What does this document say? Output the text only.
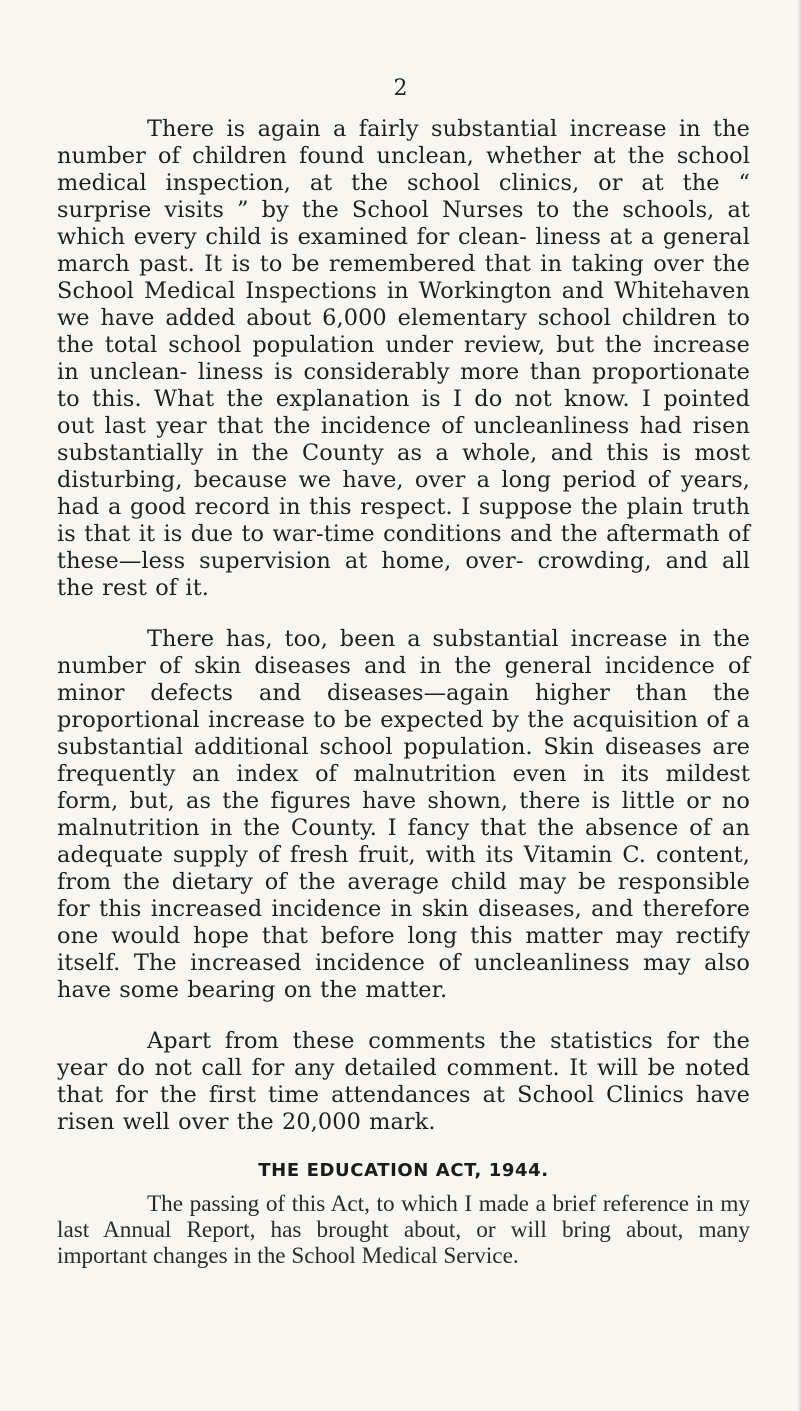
2

There is again a fairly substantial increase in the number of children found unclean, whether at the school medical inspection, at the school clinics, or at the “ surprise visits ” by the School Nurses to the schools, at which every child is examined for clean- liness at a general march past. It is to be remembered that in taking over the School Medical Inspections in Workington and Whitehaven we have added about 6,000 elementary school children to the total school population under review, but the increase in unclean- liness is considerably more than proportionate to this. What the explanation is I do not know. I pointed out last year that the incidence of uncleanliness had risen substantially in the County as a whole, and this is most disturbing, because we have, over a long period of years, had a good record in this respect. I suppose the plain truth is that it is due to war-time conditions and the aftermath of these—less supervision at home, over- crowding, and all the rest of it.

There has, too, been a substantial increase in the number of skin diseases and in the general incidence of minor defects and diseases—again higher than the proportional increase to be expected by the acquisition of a substantial additional school population. Skin diseases are frequently an index of malnutrition even in its mildest form, but, as the figures have shown, there is little or no malnutrition in the County. I fancy that the absence of an adequate supply of fresh fruit, with its Vitamin C. content, from the dietary of the average child may be responsible for this increased incidence in skin diseases, and therefore one would hope that before long this matter may rectify itself. The increased incidence of uncleanliness may also have some bearing on the matter.

Apart from these comments the statistics for the year do not call for any detailed comment. It will be noted that for the first time attendances at School Clinics have risen well over the 20,000 mark.

THE EDUCATION ACT, 1944.

The passing of this Act, to which I made a brief reference in my last Annual Report, has brought about, or will bring about, many important changes in the School Medical Service.
